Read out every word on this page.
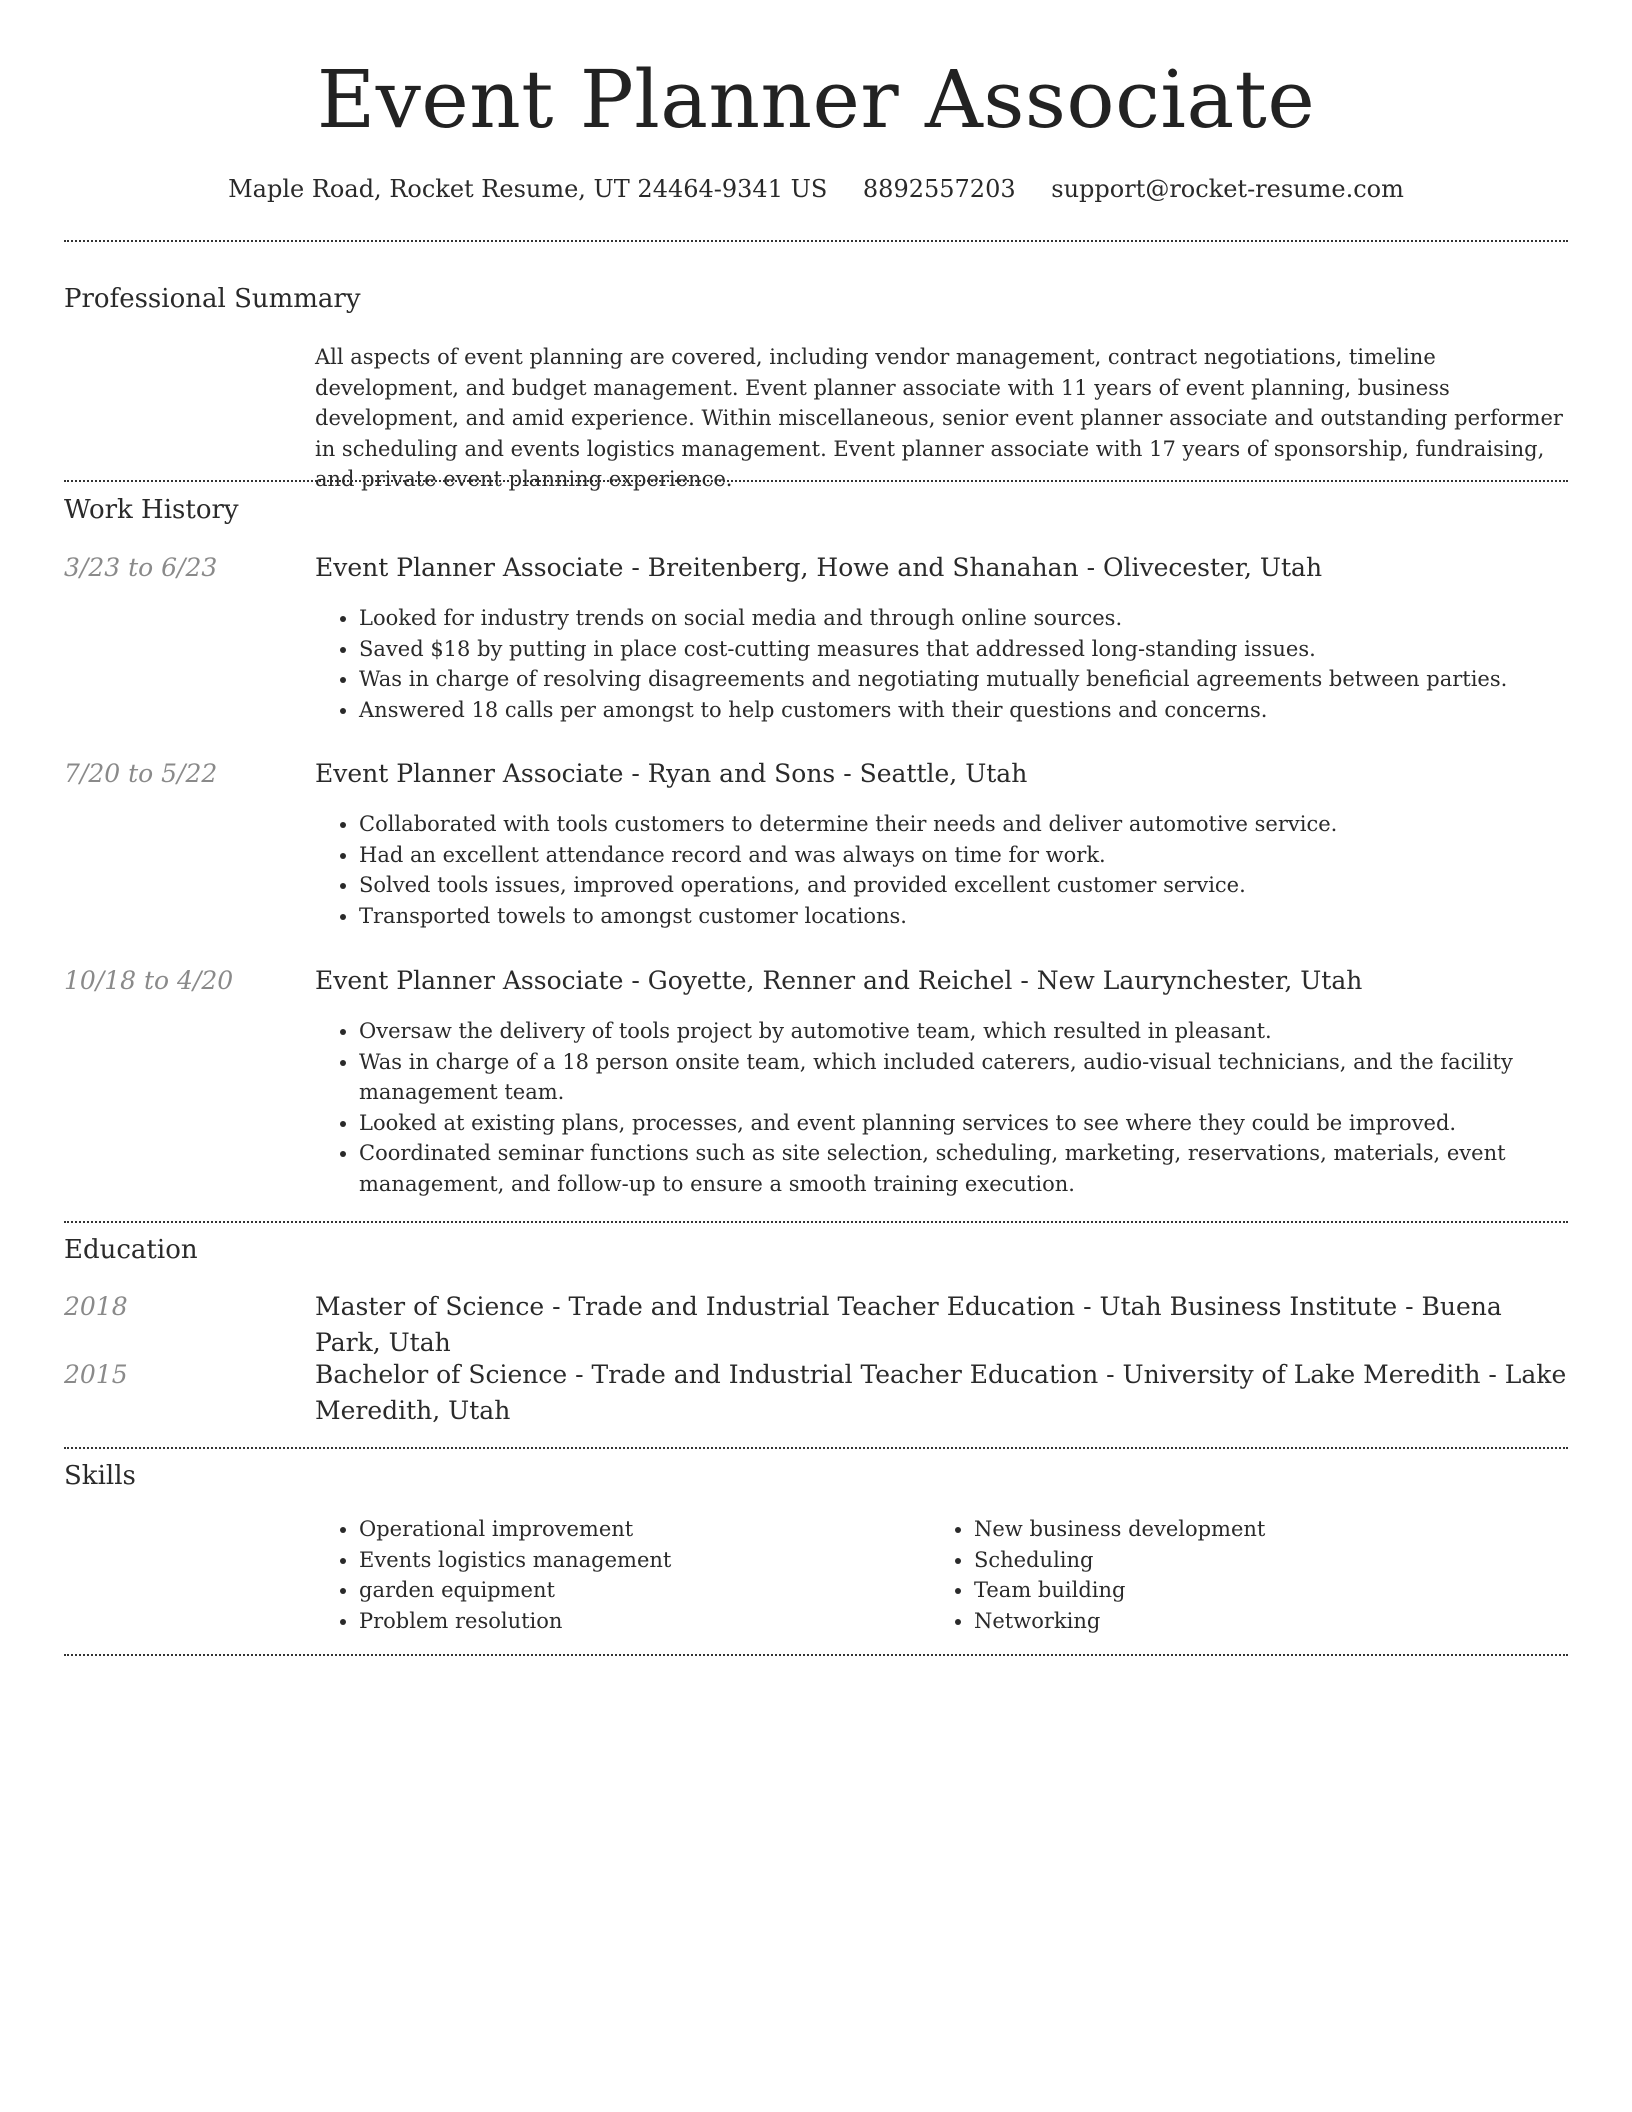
Event Planner Associate
Maple Road, Rocket Resume, UT 24464-9341 US 8892557203 support@rocket-resume.com
Professional Summary

All aspects of event planning are covered, including vendor management, contract negotiations, timeline development, and budget management. Event planner associate with 11 years of event planning, business development, and amid experience. Within miscellaneous, senior event planner associate and outstanding performer in scheduling and events logistics management. Event planner associate with 17 years of sponsorship, fundraising, and private event planning experience.

Work History
3/23 to 6/23	Event Planner Associate - Breitenberg, Howe and Shanahan - Olivecester, Utah
• Looked for industry trends on social media and through online sources.
• Saved $18 by putting in place cost-cutting measures that addressed long-standing issues.
• Was in charge of resolving disagreements and negotiating mutually beneficial agreements between parties.
• Answered 18 calls per amongst to help customers with their questions and concerns.
7/20 to 5/22	Event Planner Associate - Ryan and Sons - Seattle, Utah
• Collaborated with tools customers to determine their needs and deliver automotive service.
• Had an excellent attendance record and was always on time for work.
• Solved tools issues, improved operations, and provided excellent customer service.
• Transported towels to amongst customer locations.
10/18 to 4/20	Event Planner Associate - Goyette, Renner and Reichel - New Laurynchester, Utah
• Oversaw the delivery of tools project by automotive team, which resulted in pleasant.
• Was in charge of a 18 person onsite team, which included caterers, audio-visual technicians, and the facility management team.
• Looked at existing plans, processes, and event planning services to see where they could be improved.
• Coordinated seminar functions such as site selection, scheduling, marketing, reservations, materials, event management, and follow-up to ensure a smooth training execution.
Education
2018	Master of Science - Trade and Industrial Teacher Education - Utah Business Institute - Buena Park, Utah
2015	Bachelor of Science - Trade and Industrial Teacher Education - University of Lake Meredith - Lake Meredith, Utah
Skills
• Operational improvement
• Events logistics management
• garden equipment
• Problem resolution
• New business development
• Scheduling
• Team building
• Networking
